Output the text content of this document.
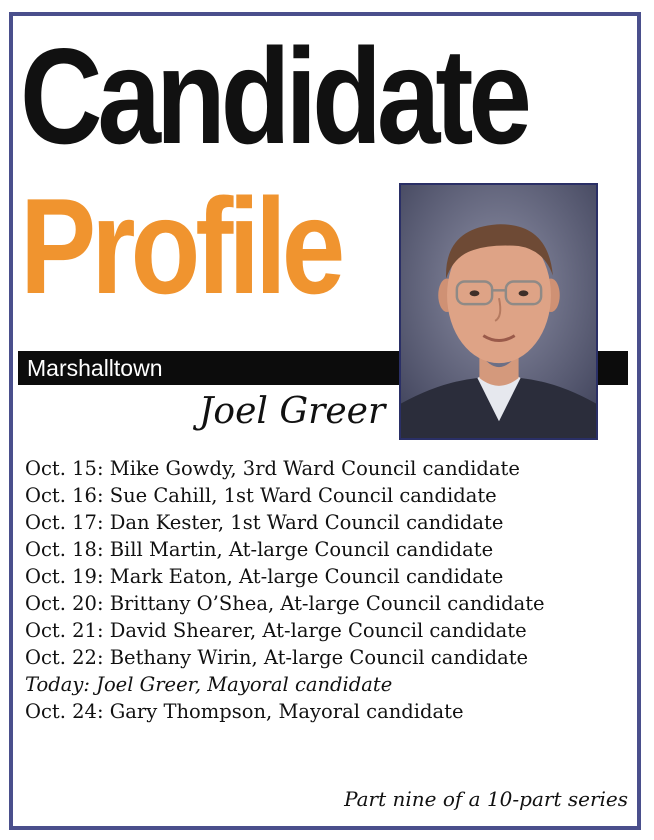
Candidate
Profile
Marshalltown
Joel Greer
Oct. 15: Mike Gowdy, 3rd Ward Council candidate
Oct. 16: Sue Cahill, 1st Ward Council candidate
Oct. 17: Dan Kester, 1st Ward Council candidate
Oct. 18: Bill Martin, At-large Council candidate
Oct. 19: Mark Eaton, At-large Council candidate
Oct. 20: Brittany O’Shea, At-large Council candidate
Oct. 21: David Shearer, At-large Council candidate
Oct. 22: Bethany Wirin, At-large Council candidate
Today: Joel Greer, Mayoral candidate
Oct. 24: Gary Thompson, Mayoral candidate
Part nine of a 10-part series
